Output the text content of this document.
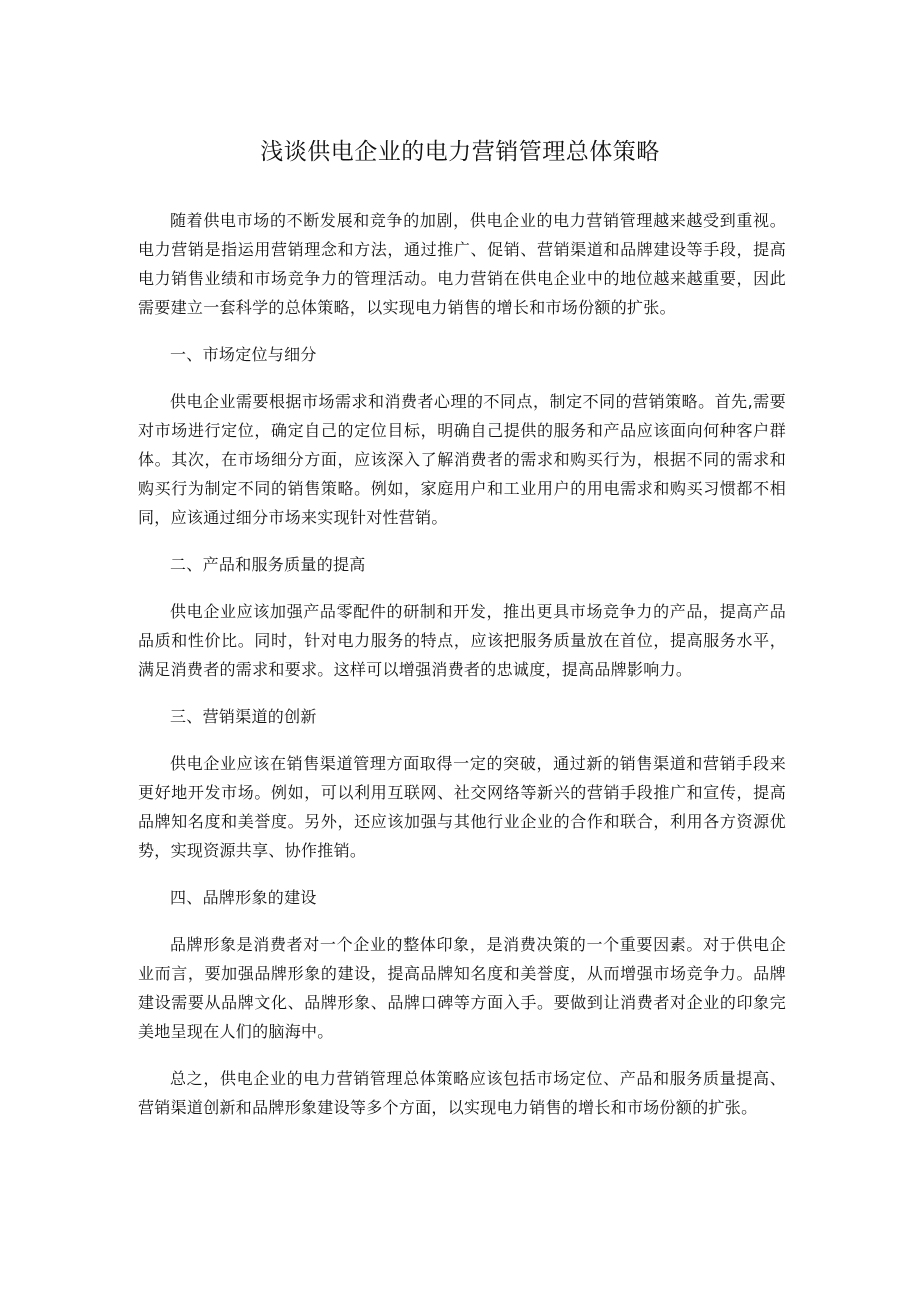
浅谈供电企业的电力营销管理总体策略

随着供电市场的不断发展和竞争的加剧，供电企业的电力营销管理越来越受到重视。电力营销是指运用营销理念和方法，通过推广、促销、营销渠道和品牌建设等手段，提高电力销售业绩和市场竞争力的管理活动。电力营销在供电企业中的地位越来越重要，因此需要建立一套科学的总体策略，以实现电力销售的增长和市场份额的扩张。

一、市场定位与细分

供电企业需要根据市场需求和消费者心理的不同点，制定不同的营销策略。首先,需要对市场进行定位，确定自己的定位目标，明确自己提供的服务和产品应该面向何种客户群体。其次，在市场细分方面，应该深入了解消费者的需求和购买行为，根据不同的需求和购买行为制定不同的销售策略。例如，家庭用户和工业用户的用电需求和购买习惯都不相同，应该通过细分市场来实现针对性营销。

二、产品和服务质量的提高

供电企业应该加强产品零配件的研制和开发，推出更具市场竞争力的产品，提高产品品质和性价比。同时，针对电力服务的特点，应该把服务质量放在首位，提高服务水平，满足消费者的需求和要求。这样可以增强消费者的忠诚度，提高品牌影响力。

三、营销渠道的创新

供电企业应该在销售渠道管理方面取得一定的突破，通过新的销售渠道和营销手段来更好地开发市场。例如，可以利用互联网、社交网络等新兴的营销手段推广和宣传，提高品牌知名度和美誉度。另外，还应该加强与其他行业企业的合作和联合，利用各方资源优势，实现资源共享、协作推销。

四、品牌形象的建设

品牌形象是消费者对一个企业的整体印象，是消费决策的一个重要因素。对于供电企业而言，要加强品牌形象的建设，提高品牌知名度和美誉度，从而增强市场竞争力。品牌建设需要从品牌文化、品牌形象、品牌口碑等方面入手。要做到让消费者对企业的印象完美地呈现在人们的脑海中。

总之，供电企业的电力营销管理总体策略应该包括市场定位、产品和服务质量提高、营销渠道创新和品牌形象建设等多个方面，以实现电力销售的增长和市场份额的扩张。
